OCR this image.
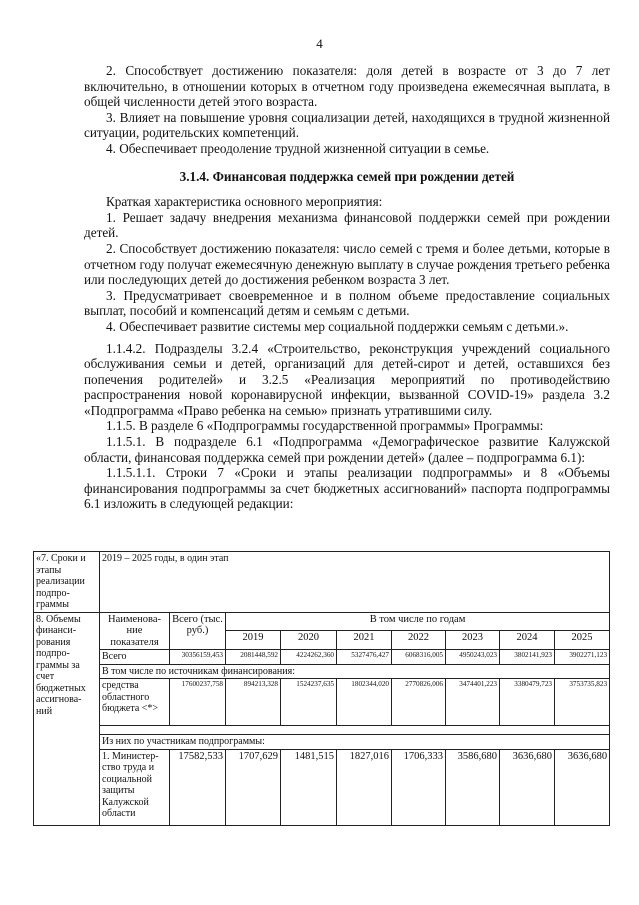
4

2. Способствует достижению показателя: доля детей в возрасте от 3 до 7 лет включительно, в отношении которых в отчетном году произведена ежемесячная выплата, в общей численности детей этого возраста.

3. Влияет на повышение уровня социализации детей, находящихся в трудной жизненной ситуации, родительских компетенций.

4. Обеспечивает преодоление трудной жизненной ситуации в семье.

3.1.4. Финансовая поддержка семей при рождении детей

Краткая характеристика основного мероприятия:

1. Решает задачу внедрения механизма финансовой поддержки семей при рождении детей.

2. Способствует достижению показателя: число семей с тремя и более детьми, которые в отчетном году получат ежемесячную денежную выплату в случае рождения третьего ребенка или последующих детей до достижения ребенком возраста 3 лет.

3. Предусматривает своевременное и в полном объеме предоставление социальных выплат, пособий и компенсаций детям и семьям с детьми.

4. Обеспечивает развитие системы мер социальной поддержки семьям с детьми.».

1.1.4.2. Подразделы 3.2.4 «Строительство, реконструкция учреждений социального обслуживания семьи и детей, организаций для детей-сирот и детей, оставшихся без попечения родителей» и 3.2.5 «Реализация мероприятий по противодействию распространения новой коронавирусной инфекции, вызванной COVID-19» раздела 3.2 «Подпрограмма «Право ребенка на семью» признать утратившими силу.

1.1.5. В разделе 6 «Подпрограммы государственной программы» Программы:

1.1.5.1. В подразделе 6.1 «Подпрограмма «Демографическое развитие Калужской области, финансовая поддержка семей при рождении детей» (далее – подпрограмма 6.1):

1.1.5.1.1. Строки 7 «Сроки и этапы реализации подпрограммы» и 8 «Объемы финансирования подпрограммы за счет бюджетных ассигнований» паспорта подпрограммы 6.1 изложить в следующей редакции:

«7. Сроки и этапы реализации подпро-граммы	2019 – 2025 годы, в один этап								
8. Объемы финанси-рования подпро-граммы за счет бюджетных ассигнова-ний	Наименова-ние показателя	Всего (тыс. руб.)	В том числе по годам						
			2019	2020	2021	2022	2023	2024	2025
	Всего	30356159,453	2081448,592	4224262,360	5327476,427	6068316,005	4950243,023	3802141,923	3902271,123
	В том числе по источникам финансирования:								
	средства областного бюджета <*>	17600237,758	894213,328	1524237,635	1802344,020	2770826,006	3474401,223	3380479,723	3753735,823

	Из них по участникам подпрограммы:								
	1. Министер-ство труда и социальной защиты Калужской области	17582,533	1707,629	1481,515	1827,016	1706,333	3586,680	3636,680	3636,680
